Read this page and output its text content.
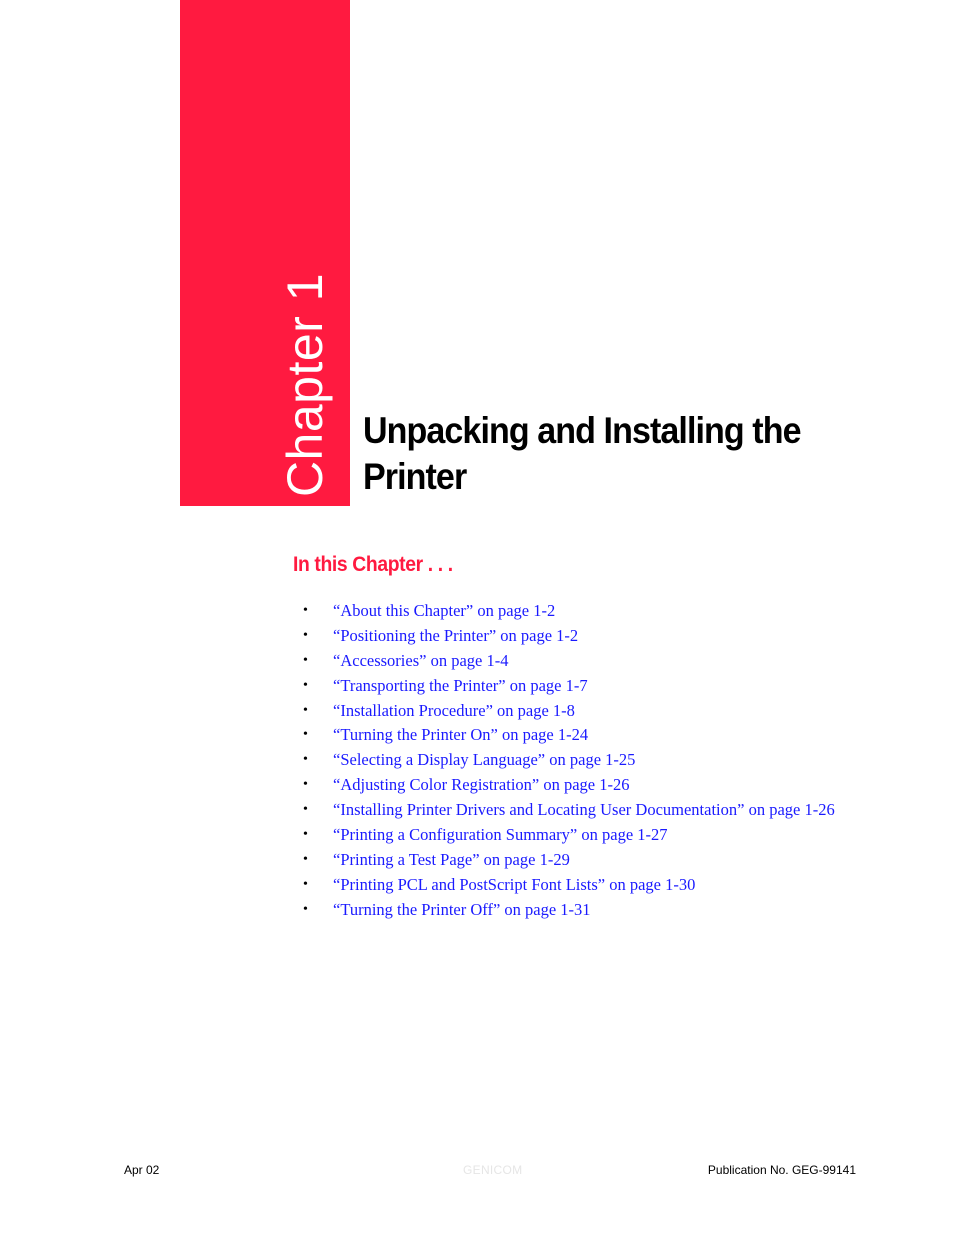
Chapter 1 Unpacking and Installing the Printer
In this Chapter . . .
• “About this Chapter” on page 1-2
• “Positioning the Printer” on page 1-2
• “Accessories” on page 1-4
• “Transporting the Printer” on page 1-7
• “Installation Procedure” on page 1-8
• “Turning the Printer On” on page 1-24
• “Selecting a Display Language” on page 1-25
• “Adjusting Color Registration” on page 1-26
• “Installing Printer Drivers and Locating User Documentation” on page 1-26
• “Printing a Configuration Summary” on page 1-27
• “Printing a Test Page” on page 1-29
• “Printing PCL and PostScript Font Lists” on page 1-30
• “Turning the Printer Off” on page 1-31
Apr 02	GENICOM	Publication No. GEG-99141
